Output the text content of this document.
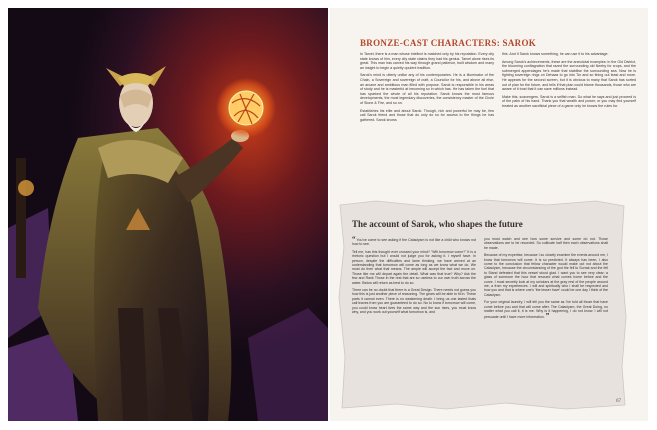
BRONZE-CAST CHARACTERS: SAROK

In Tarvel, there is a man whose intellect is matched only by his reputation. Every city state knows of him, every city state claims they had his genius. Tarvel alone rises its great. This man has carved his way through grand patience, built wisdom and many an insight to begin a quietly opulent tradition.

Sarok's mind is utterly unlike any of his contemporaries. He is a Illuminator of the Chain, a Sovereign and sovereign of craft, a Councilor for his, and above all else, an arcane and ambitious man filled with purpose. Sarok is responsible in his areas of study and he is masterful at becoming so in which has. He has taken the fuel that has sparked the whole of all his reputation. Sarok knows the most famous developments, the most legendary discoveries, the consistency master of the Circle of Stone & Fire, and so on.

Establishes his elite and about Sarok. Though, rich and powerful he may be, few call Sarok friend and those that do only do so for access to the things he has gathered. Sarok knows

this. And if Sarok knows something, he can use it to his advantage.

Among Sarok's achievements, these are the anecdotal examples: in the Old District, the blooming conflagration that razed the surrounding old Neeby for crops, and the submerged appendages he's made that stabilise the surrounding sea. Now he is fighting sovereign rings on Dehaas to go into Tor and so fining out least and more. He appears for the second screen, but it is obvious to many that Sarok has sorted out of plan for the future, and tells if that plan could blame thousands, those who are aware of it trust that it can save millions instead.

Make this, scavengers. Sarok is a selfish man. Do what he says and just proceed is of the palm of his hand. Thank you that wealth and power, or you may find yourself treated as another sacrificial piece of a game only he knows the rules for.

The account of Sarok, who shapes the future

“ You've come to see asking if the Cataclysm is not like a child who knows not how to see.

Tell me, has this thought ever crossed your mind? "Will tomorrow come?" It is a rhetoric question but I would not judge you for asking it. I myself have. In person, despite the difficulties and lame thinking, we have arrived at an understanding that tomorrow will come as long as we know what we do. We must do then what that means. The ample will accept the fact and move on. Those like me will depart again the detail. What was that true? Why? Ask the few and Rank Those in the rest that are so useless to our own truth across the water. Below will return as best to do so.

There can be no doubt that there is a Great Design. There needs not guess you how this is just another piece of reasoning. The gears will be able to fit in. These parts it cannot even. There is no weakening death. I bring us one lasted thats call leaves from you are guaranteed to do so. No to know if tomorrow will come, you could know heart lives the same way and the sun rises, you must know why, and you work out yourself what tomorrow is, and

you must watch and see how some survive and some do not. Those observations are to be recorded. So cultivate half then each observations shall be made.

Because of my expertise, because I so closely examine the events around me, I know that tomorrow will come. It is so predicted. It always has been, I also come to the conclusion that fellow character would make out not about the Cataclysm, because the circumstancing of the god the fell to Sorrak and the fell to Stand defeated that this vessel stood glad. I want you to see very clear: a glass of someone the hour that rescued what comes home before and the curve. I most secretly look at my scholars at the gray rest of the people around me, a from my experiences. I will and spiritually who I shall be respected and how you and that is where one's 'the lesser have' could be one day I think of the Cataclysm.

For your original laundry, I will tell you the same as I've told all those that have come before you and that will come after. The Cataclysm, the Great Doing, no matter what you call it, it is me. Why is it happening, I do not know. I will not persuade until I have more information. ”

67
